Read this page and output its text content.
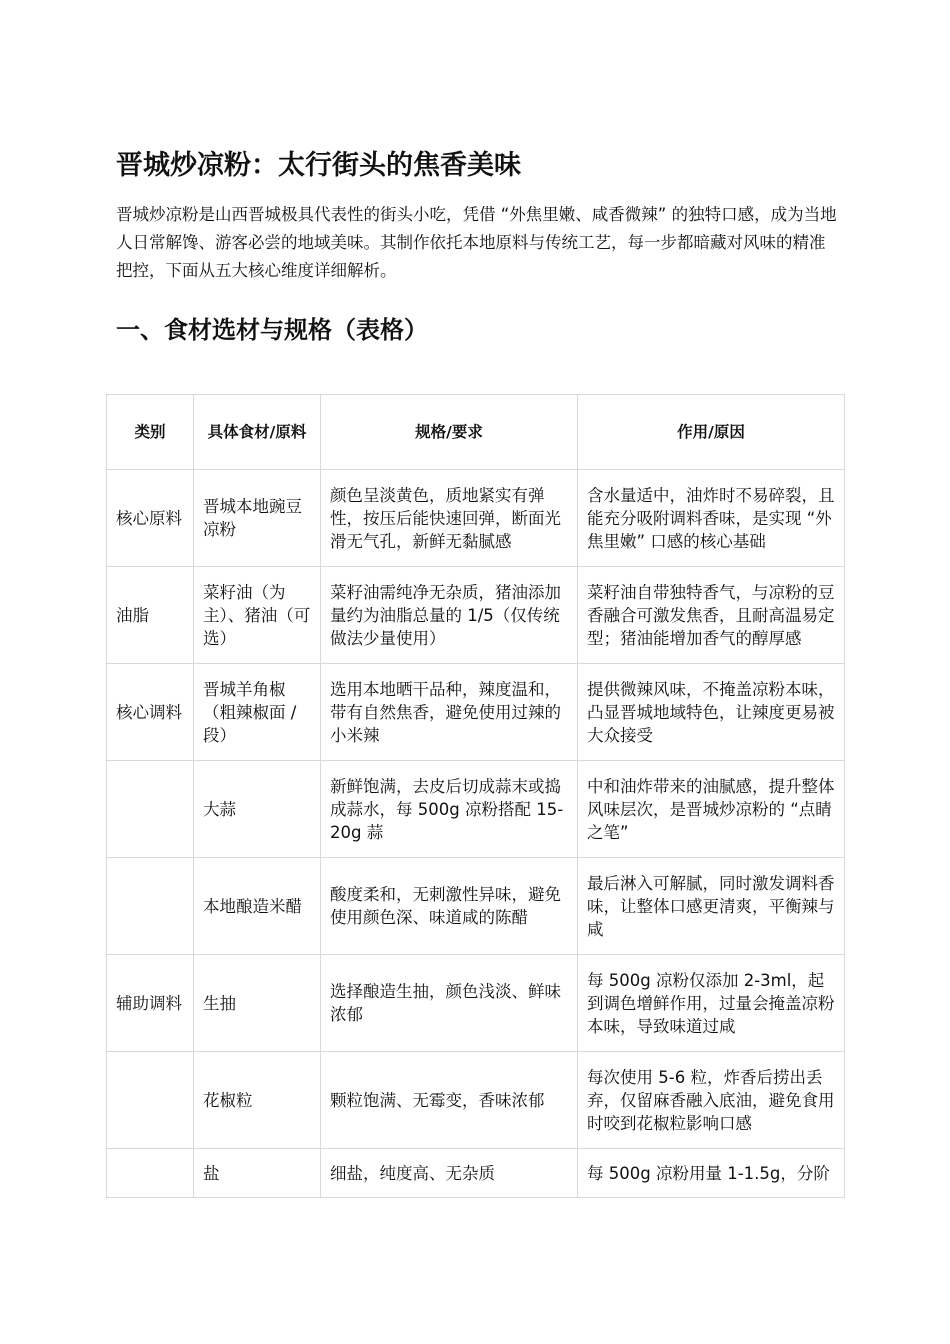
晋城炒凉粉：太行街头的焦香美味

晋城炒凉粉是山西晋城极具代表性的街头小吃，凭借 “外焦里嫩、咸香微辣” 的独特口感，成为当地人日常解馋、游客必尝的地域美味。其制作依托本地原料与传统工艺，每一步都暗藏对风味的精准把控，下面从五大核心维度详细解析。

一、食材选材与规格（表格）
类别	具体食材/原料	规格/要求	作用/原因
核心原料	晋城本地豌豆凉粉	颜色呈淡黄色，质地紧实有弹性，按压后能快速回弹，断面光滑无气孔，新鲜无黏腻感	含水量适中，油炸时不易碎裂，且能充分吸附调料香味，是实现 “外焦里嫩” 口感的核心基础
油脂	菜籽油（为主）、猪油（可选）	菜籽油需纯净无杂质，猪油添加量约为油脂总量的 1/5（仅传统做法少量使用）	菜籽油自带独特香气，与凉粉的豆香融合可激发焦香，且耐高温易定型；猪油能增加香气的醇厚感
核心调料	晋城羊角椒（粗辣椒面 / 段）	选用本地晒干品种，辣度温和，带有自然焦香，避免使用过辣的小米辣	提供微辣风味，不掩盖凉粉本味，凸显晋城地域特色，让辣度更易被大众接受
	大蒜	新鲜饱满，去皮后切成蒜末或捣成蒜水，每 500g 凉粉搭配 15-20g 蒜	中和油炸带来的油腻感，提升整体风味层次，是晋城炒凉粉的 “点睛之笔”
	本地酿造米醋	酸度柔和，无刺激性异味，避免使用颜色深、味道咸的陈醋	最后淋入可解腻，同时激发调料香味，让整体口感更清爽，平衡辣与咸
辅助调料	生抽	选择酿造生抽，颜色浅淡、鲜味浓郁	每 500g 凉粉仅添加 2-3ml，起到调色增鲜作用，过量会掩盖凉粉本味，导致味道过咸
	花椒粒	颗粒饱满、无霉变，香味浓郁	每次使用 5-6 粒，炸香后捞出丢弃，仅留麻香融入底油，避免食用时咬到花椒粒影响口感
	盐	细盐，纯度高、无杂质	每 500g 凉粉用量 1-1.5g，分阶
